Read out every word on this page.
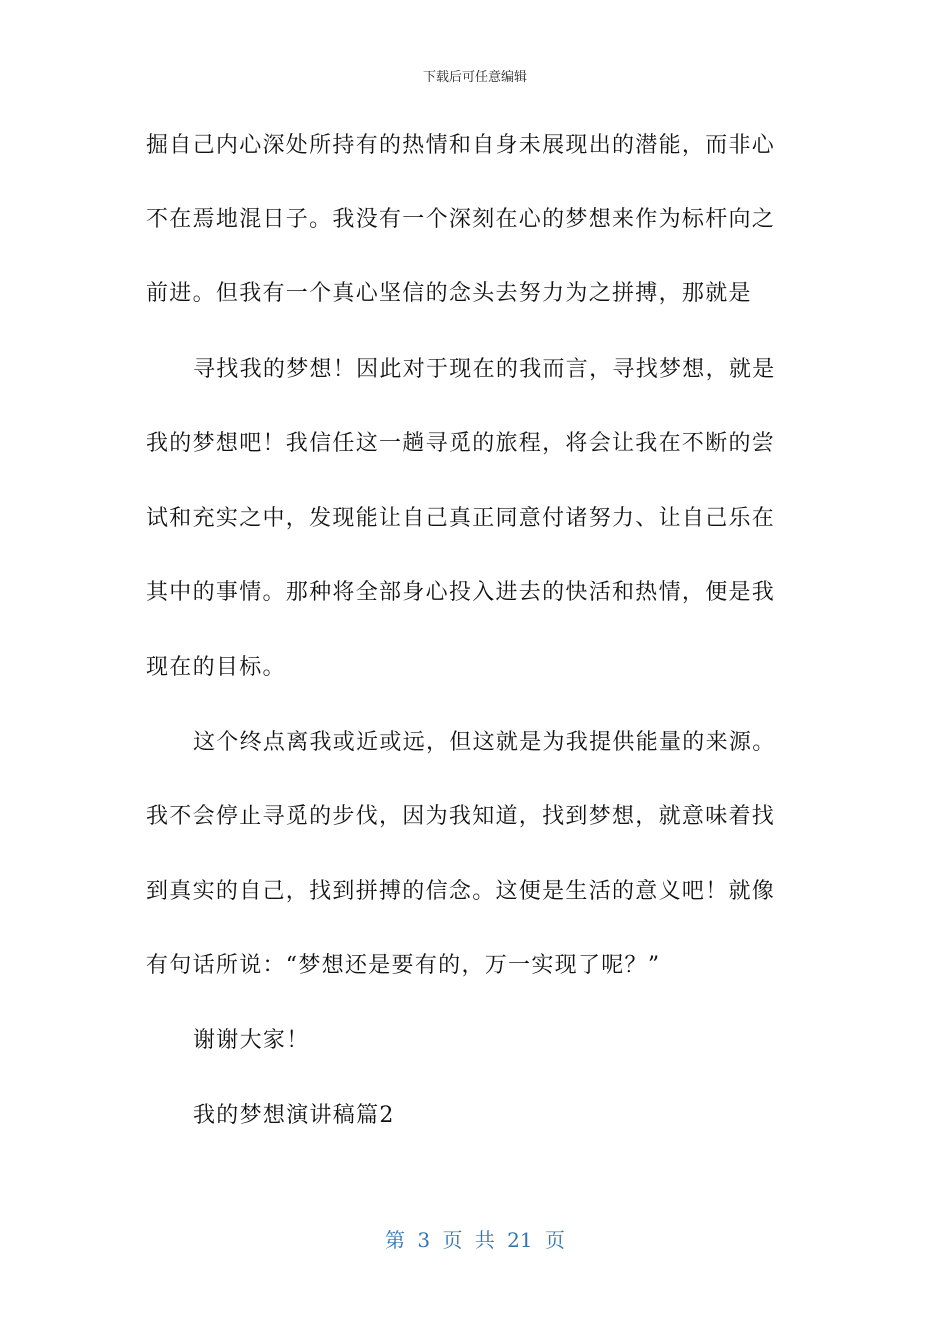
下载后可任意编辑
掘自己内心深处所持有的热情和自身未展现出的潜能，而非心
不在焉地混日子。我没有一个深刻在心的梦想来作为标杆向之
前进。但我有一个真心坚信的念头去努力为之拼搏，那就是
寻找我的梦想！因此对于现在的我而言，寻找梦想，就是
我的梦想吧！我信任这一趟寻觅的旅程，将会让我在不断的尝
试和充实之中，发现能让自己真正同意付诸努力、让自己乐在
其中的事情。那种将全部身心投入进去的快活和热情，便是我
现在的目标。
这个终点离我或近或远，但这就是为我提供能量的来源。
我不会停止寻觅的步伐，因为我知道，找到梦想，就意味着找
到真实的自己，找到拼搏的信念。这便是生活的意义吧！就像
有句话所说：“梦想还是要有的，万一实现了呢？”
谢谢大家！
我的梦想演讲稿篇2
第 3 页 共 21 页
